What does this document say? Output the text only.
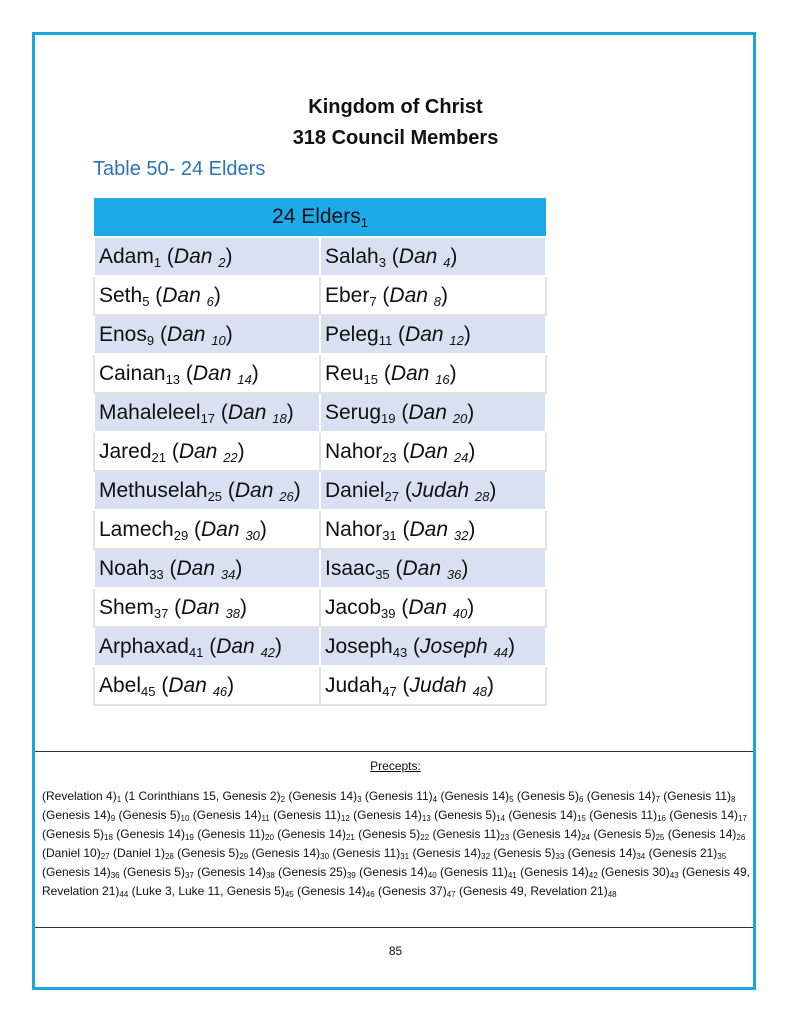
Kingdom of Christ
318 Council Members
Table 50- 24 Elders
24 Elders$_1$
Adam$_1$ (Dan $_2$)	Salah$_3$ (Dan $_4$)
Seth$_5$ (Dan $_6$)	Eber$_7$ (Dan $_8$)
Enos$_9$ (Dan $_{10}$)	Peleg$_{11}$ (Dan $_{12}$)
Cainan$_{13}$ (Dan $_{14}$)	Reu$_{15}$ (Dan $_{16}$)
Mahaleleel$_{17}$ (Dan $_{18}$)	Serug$_{19}$ (Dan $_{20}$)
Jared$_{21}$ (Dan $_{22}$)	Nahor$_{23}$ (Dan $_{24}$)
Methuselah$_{25}$ (Dan $_{26}$)	Daniel$_{27}$ (Judah $_{28}$)
Lamech$_{29}$ (Dan $_{30}$)	Nahor$_{31}$ (Dan $_{32}$)
Noah$_{33}$ (Dan $_{34}$)	Isaac$_{35}$ (Dan $_{36}$)
Shem$_{37}$ (Dan $_{38}$)	Jacob$_{39}$ (Dan $_{40}$)
Arphaxad$_{41}$ (Dan $_{42}$)	Joseph$_{43}$ (Joseph $_{44}$)
Abel$_{45}$ (Dan $_{46}$)	Judah$_{47}$ (Judah $_{48}$)
Precepts:
(Revelation $4)_1$ (1 Corinthians 15, Genesis $2)_2$ (Genesis $14)_3$ (Genesis $11)_4$ (Genesis $14)_5$ (Genesis $5)_6$ (Genesis $14)_7$ (Genesis $11)_8$ (Genesis $14)_9$ (Genesis $5)_{10}$ (Genesis $14)_{11}$ (Genesis $11)_{12}$ (Genesis $14)_{13}$ (Genesis $5)_{14}$ (Genesis $14)_{15}$ (Genesis $11)_{16}$ (Genesis $14)_{17}$ (Genesis $5)_{18}$ (Genesis $14)_{19}$ (Genesis $11)_{20}$ (Genesis $14)_{21}$ (Genesis $5)_{22}$ (Genesis $11)_{23}$ (Genesis $14)_{24}$ (Genesis $5)_{25}$ (Genesis $14)_{26}$ (Daniel $10)_{27}$ (Daniel $1)_{28}$ (Genesis $5)_{29}$ (Genesis $14)_{30}$ (Genesis $11)_{31}$ (Genesis $14)_{32}$ (Genesis $5)_{33}$ (Genesis $14)_{34}$ (Genesis $21)_{35}$ (Genesis $14)_{36}$ (Genesis $5)_{37}$ (Genesis $14)_{38}$ (Genesis $25)_{39}$ (Genesis $14)_{40}$ (Genesis $11)_{41}$ (Genesis $14)_{42}$ (Genesis $30)_{43}$ (Genesis 49, Revelation $21)_{44}$ (Luke 3, Luke 11, Genesis $5)_{45}$ (Genesis $14)_{46}$ (Genesis $37)_{47}$ (Genesis 49, Revelation $21)_{48}$
85
